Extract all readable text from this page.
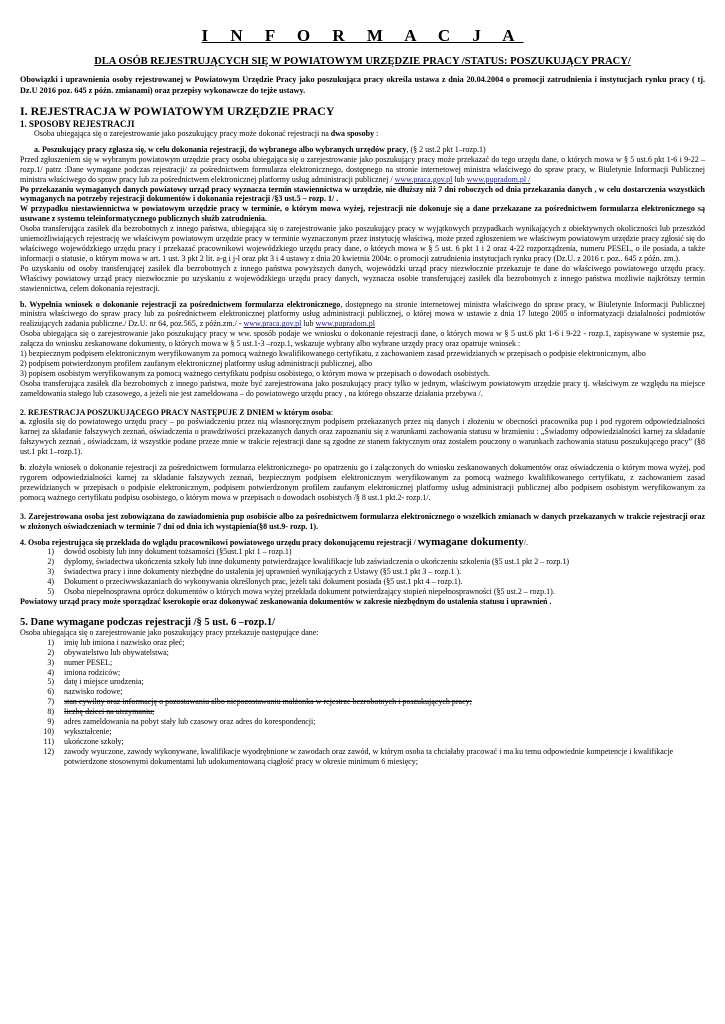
I N F O R M A C J A
DLA OSÓB REJESTRUJĄCYCH SIĘ W POWIATOWYM URZĘDZIE PRACY /STATUS: POSZUKUJĄCY PRACY/
Obowiązki i uprawnienia osoby rejestrowanej w Powiatowym Urzędzie Pracy jako poszukująca pracy określa ustawa z dnia 20.04.2004 o promocji zatrudnienia i instytucjach rynku pracy ( tj. Dz.U 2016 poz. 645 z późn. zmianami) oraz przepisy wykonawcze do tejże ustawy.
I. REJESTRACJA W POWIATOWYM URZĘDZIE PRACY
1. SPOSOBY REJESTRACJI

Osoba ubiegająca się o zarejestrowanie jako poszukujący pracy może dokonać rejestracji na dwa sposoby :

a. Poszukujący pracy zgłasza się, w celu dokonania rejestracji, do wybranego albo wybranych urzędów pracy, (§ 2 ust.2 pkt 1–rozp.1)

Przed zgłoszeniem się w wybranym powiatowym urzędzie pracy osoba ubiegająca się o zarejestrowanie jako poszukujący pracy może przekazać do tego urzędu dane, o których mowa w § 5 ust.6 pkt 1-6 i 9-22 –rozp.1/ patrz :Dane wymagane podczas rejestracji/ za pośrednictwem formularza elektronicznego, dostępnego na stronie internetowej ministra właściwego do spraw pracy, w Biuletynie Informacji Publicznej ministra właściwego do spraw pracy lub za pośrednictwem elektronicznej platformy usług administracji publicznej / www.praca.gov.pl lub www.pupradom.pl /

Po przekazaniu wymaganych danych powiatowy urząd pracy wyznacza termin stawiennictwa w urzędzie, nie dłuższy niż 7 dni roboczych od dnia przekazania danych , w celu dostarczenia wszystkich wymaganych na potrzeby rejestracji dokumentów i dokonania rejestracji /§3 ust.5 – rozp. 1/ .

W przypadku niestawiennictwa w powiatowym urzędzie pracy w terminie, o którym mowa wyżej, rejestracji nie dokonuje się a dane przekazane za pośrednictwem formularza elektronicznego są usuwane z systemu teleinformatycznego publicznych służb zatrudnienia.

Osoba transferująca zasiłek dla bezrobotnych z innego państwa, ubiegająca się o zarejestrowanie jako poszukujący pracy w wyjątkowych przypadkach wynikających z obiektywnych okoliczności lub przeszkód uniemożliwiających rejestrację we właściwym powiatowym urzędzie pracy w terminie wyznaczonym przez instytucję właściwą, może przed zgłoszeniem we właściwym powiatowym urzędzie pracy zgłosić się do właściwego wojewódzkiego urzędu pracy i przekazać pracownikowi wojewódzkiego urzędu pracy dane, o których mowa w § 5 ust. 6 pkt 1 i 2 oraz 4-22 rozporządzenia, numeru PESEL, o ile posiada, a także informacji o statusie, o którym mowa w art. 1 ust. 3 pkt 2 lit. a-g i j-l oraz pkt 3 i 4 ustawy z dnia 20 kwietnia 2004r. o promocji zatrudnienia instytucjach rynku pracy (Dz.U. z 2016 r. poz.. 645 z późn. zm.).

Po uzyskaniu od osoby transferującej zasiłek dla bezrobotnych z innego państwa powyższych danych, wojewódzki urząd pracy niezwłocznie przekazuje te dane do właściwego powiatowego urzędu pracy. Właściwy powiatowy urząd pracy niezwłocznie po uzyskaniu z wojewódzkiego urzędu pracy danych, wyznacza osobie transferującej zasiłek dla bezrobotnych z innego państwa możliwie najkrótszy termin stawiennictwa, celem dokonania rejestracji.

b. Wypełnia wniosek o dokonanie rejestracji za pośrednictwem formularza elektronicznego, dostępnego na stronie internetowej ministra właściwego do spraw pracy, w Biuletynie Informacji Publicznej ministra właściwego do spraw pracy lub za pośrednictwem elektronicznej platformy usług administracji publicznej, o której mowa w ustawie z dnia 17 lutego 2005 o informatyzacji działalności podmiotów realizujących zadania publiczne./ Dz.U. nr 64, poz.565, z późn.zm./ - www.praca.gov.pl lub www.pupradom.pl

Osoba ubiegająca się o zarejestrowanie jako poszukujący pracy w ww. sposób podaje we wniosku o dokonanie rejestracji dane, o których mowa w § 5 ust.6 pkt 1-6 i 9-22 - rozp.1, zapisywane w systemie psz, załącza do wniosku zeskanowane dokumenty, o których mowa w § 5 ust.1-3 –rozp.1, wskazuje wybrany albo wybrane urzędy pracy oraz opatruje wniosek :

1) bezpiecznym podpisem elektronicznym weryfikowanym za pomocą ważnego kwalifikowanego certyfikatu, z zachowaniem zasad przewidzianych w przepisach o podpisie elektronicznym, albo

2) podpisem potwierdzonym profilem zaufanym elektronicznej platformy usług administracji publicznej, albo

3) popisem osobistym weryfikowanym za pomocą ważnego certyfikatu podpisu osobistego, o którym mowa w przepisach o dowodach osobistych.

Osoba transferująca zasiłek dla bezrobotnych z innego państwa, może być zarejestrowana jako poszukujący pracy tylko w jednym, właściwym powiatowym urzędzie pracy tj. właściwym ze względu na miejsce zameldowania stałego lub czasowego, a jeżeli nie jest zameldowana – do powiatowego urzędu pracy , na którego obszarze działania przebywa /.

2. REJESTRACJA POSZUKUJĄCEGO PRACY NASTĘPUJE Z DNIEM w którym osoba:

a. zgłosiła się do powiatowego urzędu pracy – po poświadczeniu przez nią własnoręcznym podpisem przekazanych przez nią danych i złożeniu w obecności pracownika pup i pod rygorem odpowiedzialności karnej za składanie fałszywych zeznań, oświadczenia o prawdziwości przekazanych danych oraz zapoznaniu się z warunkami zachowania statusu w brzmieniu : „Świadomy odpowiedzialności karnej za składanie fałszywych zeznań , oświadczam, iż wszystkie podane przeze mnie w trakcie rejestracji dane są zgodne ze stanem faktycznym oraz zostałem pouczony o warunkach zachowania statusu poszukującego pracy” (§8 ust.1 pkt 1–rozp.1).

b. złożyła wniosek o dokonanie rejestracji za pośrednictwem formularza elektronicznego- po opatrzeniu go i załączonych do wniosku zeskanowanych dokumentów oraz oświadczenia o którym mowa wyżej, pod rygorem odpowiedzialności karnej za składanie fałszywych zeznań, bezpiecznym podpisem elektronicznym weryfikowanym za pomocą ważnego kwalifikowanego certyfikatu, z zachowaniem zasad przewidzianych w przepisach o podpisie elektronicznym, podpisem potwierdzonym profilem zaufanym elektronicznej platformy usług administracji publicznej albo podpisem osobistym weryfikowanym za pomocą ważnego certyfikatu podpisu osobistego, o którym mowa w przepisach o dowodach osobistych /§ 8 ust.1 pkt.2- rozp.1/.

3. Zarejestrowana osoba jest zobowiązana do zawiadomienia pup osobiście albo za pośrednictwem formularza elektronicznego o wszelkich zmianach w danych przekazanych w trakcie rejestracji oraz w złożonych oświadczeniach w terminie 7 dni od dnia ich wystąpienia(§8 ust.9- rozp. 1).

4. Osoba rejestrująca się przekłada do wglądu pracownikowi powiatowego urzędu pracy dokonującemu rejestracji / wymagane dokumenty/.

1)	dowód osobisty lub inny dokument tożsamości (§5ust.1 pkt 1 – rozp.1)
2)	dyplomy, świadectwa ukończenia szkoły lub inne dokumenty potwierdzające kwalifikacje lub zaświadczenia o ukończeniu szkolenia (§5 ust.1 pkt 2 – rozp.1)
3)	świadectwa pracy i inne dokumenty niezbędne do ustalenia jej uprawnień wynikających z Ustawy (§5 ust.1 pkt 3 – rozp.1 ).
4)	Dokument o przeciwwskazaniach do wykonywania określonych prac, jeżeli taki dokument posiada (§5 ust.1 pkt 4 – rozp.1).
5)	Osoba niepełnosprawna oprócz dokumentów o których mowa wyżej przekłada dokument potwierdzający stopień niepełnosprawności (§5 ust.2 – rozp.1).

Powiatowy urząd pracy może sporządzać kserokopie oraz dokonywać zeskanowania dokumentów w zakresie niezbędnym do ustalenia statusu i uprawnień .

5. Dane wymagane podczas rejestracji /§ 5 ust. 6 –rozp.1/

Osoba ubiegająca się o zarejestrowanie jako poszukujący pracy przekazuje następujące dane:

1)	imię lub imiona i nazwisko oraz płeć;
2)	obywatelstwo lub obywatelstwa;
3)	numer PESEL;
4)	imiona rodziców;
5)	datę i miejsce urodzenia;
6)	nazwisko rodowe;
7)	stan cywilny oraz informację o pozostawaniu albo niepozostawaniu małżonka w rejestrze bezrobotnych i poszukujących pracy;
8)	liczbę dzieci na utrzymaniu;
9)	adres zameldowania na pobyt stały lub czasowy oraz adres do korespondencji;
10)	wykształcenie;
11)	ukończone szkoły;
12)	zawody wyuczone, zawody wykonywane, kwalifikacje wyodrębnione w zawodach oraz zawód, w którym osoba ta chciałaby pracować i ma ku temu odpowiednie kompetencje i kwalifikacje potwierdzone stosownymi dokumentami lub udokumentowaną ciągłość pracy w okresie minimum 6 miesięcy;
